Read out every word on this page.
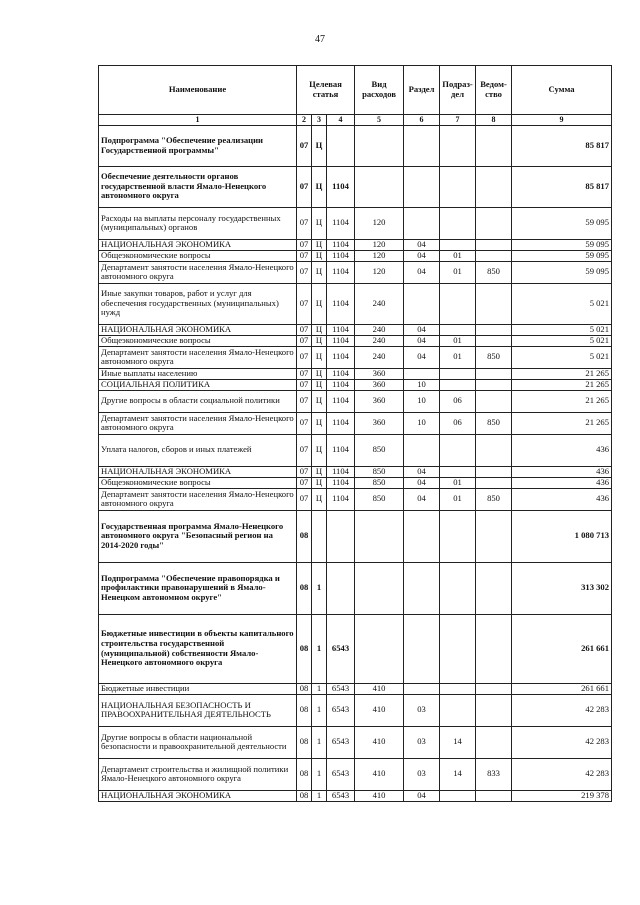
47
Наименование	Целевая статья			Вид расходов	Раздел	Подраз-дел	Ведом-ство	Сумма
1	2	3	4	5	6	7	8	9
Подпрограмма "Обеспечение реализации Государственной программы"	07	Ц						85 817
Обеспечение деятельности органов государственной власти Ямало-Ненецкого автономного округа	07	Ц	1104					85 817
Расходы на выплаты персоналу государственных (муниципальных) органов	07	Ц	1104	120				59 095
НАЦИОНАЛЬНАЯ ЭКОНОМИКА	07	Ц	1104	120	04			59 095
Общеэкономические вопросы	07	Ц	1104	120	04	01		59 095
Департамент занятости населения Ямало-Ненецкого автономного округа	07	Ц	1104	120	04	01	850	59 095
Иные закупки товаров, работ и услуг для обеспечения государственных (муниципальных) нужд	07	Ц	1104	240				5 021
НАЦИОНАЛЬНАЯ ЭКОНОМИКА	07	Ц	1104	240	04			5 021
Общеэкономические вопросы	07	Ц	1104	240	04	01		5 021
Департамент занятости населения Ямало-Ненецкого автономного округа	07	Ц	1104	240	04	01	850	5 021
Иные выплаты населению	07	Ц	1104	360				21 265
СОЦИАЛЬНАЯ ПОЛИТИКА	07	Ц	1104	360	10			21 265
Другие вопросы в области социальной политики	07	Ц	1104	360	10	06		21 265
Департамент занятости населения Ямало-Ненецкого автономного округа	07	Ц	1104	360	10	06	850	21 265
Уплата налогов, сборов и иных платежей	07	Ц	1104	850				436
НАЦИОНАЛЬНАЯ ЭКОНОМИКА	07	Ц	1104	850	04			436
Общеэкономические вопросы	07	Ц	1104	850	04	01		436
Департамент занятости населения Ямало-Ненецкого автономного округа	07	Ц	1104	850	04	01	850	436
Государственная программа Ямало-Ненецкого автономного округа "Безопасный регион на 2014-2020 годы"	08							1 080 713
Подпрограмма "Обеспечение правопорядка и профилактики правонарушений в Ямало-Ненецком автономном округе"	08	1						313 302
Бюджетные инвестиции в объекты капитального строительства государственной (муниципальной) собственности Ямало-Ненецкого автономного округа	08	1	6543					261 661
Бюджетные инвестиции	08	1	6543	410				261 661
НАЦИОНАЛЬНАЯ БЕЗОПАСНОСТЬ И ПРАВООХРАНИТЕЛЬНАЯ ДЕЯТЕЛЬНОСТЬ	08	1	6543	410	03			42 283
Другие вопросы в области национальной безопасности и правоохранительной деятельности	08	1	6543	410	03	14		42 283
Департамент строительства и жилищной политики Ямало-Ненецкого автономного округа	08	1	6543	410	03	14	833	42 283
НАЦИОНАЛЬНАЯ ЭКОНОМИКА	08	1	6543	410	04			219 378
